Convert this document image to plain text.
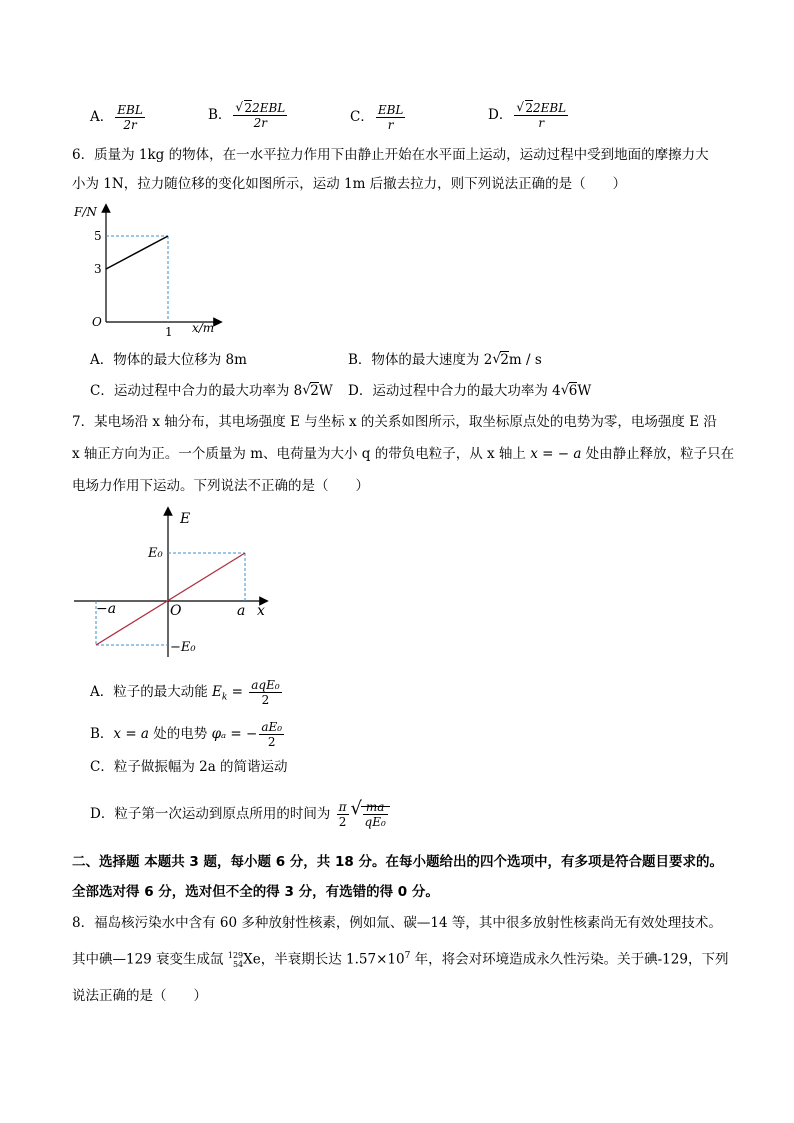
A． $\frac{\text{EBL}}{2r}$	B． √ $\frac{\text{22EBL}}{2r}$	C． $\frac{\text{EBL}}{r}$	D． √ $\frac{\text{22EBL}}{r}$
6．质量为 1kg 的物体，在一水平拉力作用下由静止开始在水平面上运动，运动过程中受到地面的摩擦力大
小为 1N，拉力随位移的变化如图所示，运动 1m 后撤去拉力，则下列说法正确的是（　　）
F/N
5
3
O
1 x/m
A．物体的最大位移为 8m	B．物体的最大速度为 2 √ 2m / s
C．运动过程中合力的最大功率为 8 √ 2W D．运动过程中合力的最大功率为 4 √ 6W
7．某电场沿 x 轴分布，其电场强度 E 与坐标 x 的关系如图所示，取坐标原点处的电势为零，电场强度 E 沿
x 轴正方向为正。一个质量为 m、电荷量为大小 q 的带负电粒子，从 x 轴上 x = − a 处由静止释放，粒子只在
电场力作用下运动。下列说法不正确的是（　　）
E
E₀
−E₀
O	a
−a	x
A．粒子的最大动能 $E_k = \frac{\text{aqE₀}}{2}$
B．x = a 处的电势 φₐ = − $\frac{\text{aE₀}}{2}$
C．粒子做振幅为 2a 的简谐运动
D．粒子第一次运动到原点所用的时间为 $\frac{\pi}{2}$ √ $\frac{ma}{\text{qE₀}}$
二、选择题 本题共 3 题，每小题 6 分，共 18 分。在每小题给出的四个选项中，有多项是符合题目要求的。
全部选对得 6 分，选对但不全的得 3 分，有选错的得 0 分。
8．福岛核污染水中含有 60 多种放射性核素，例如氚、碳—14 等，其中很多放射性核素尚无有效处理技术。
其中碘—129 衰变生成氙 129
54 Xe，半衰期长达 $1.57\times 10^7$ 年，将会对环境造成永久性污染。关于碘-129，下列
说法正确的是（　　）
